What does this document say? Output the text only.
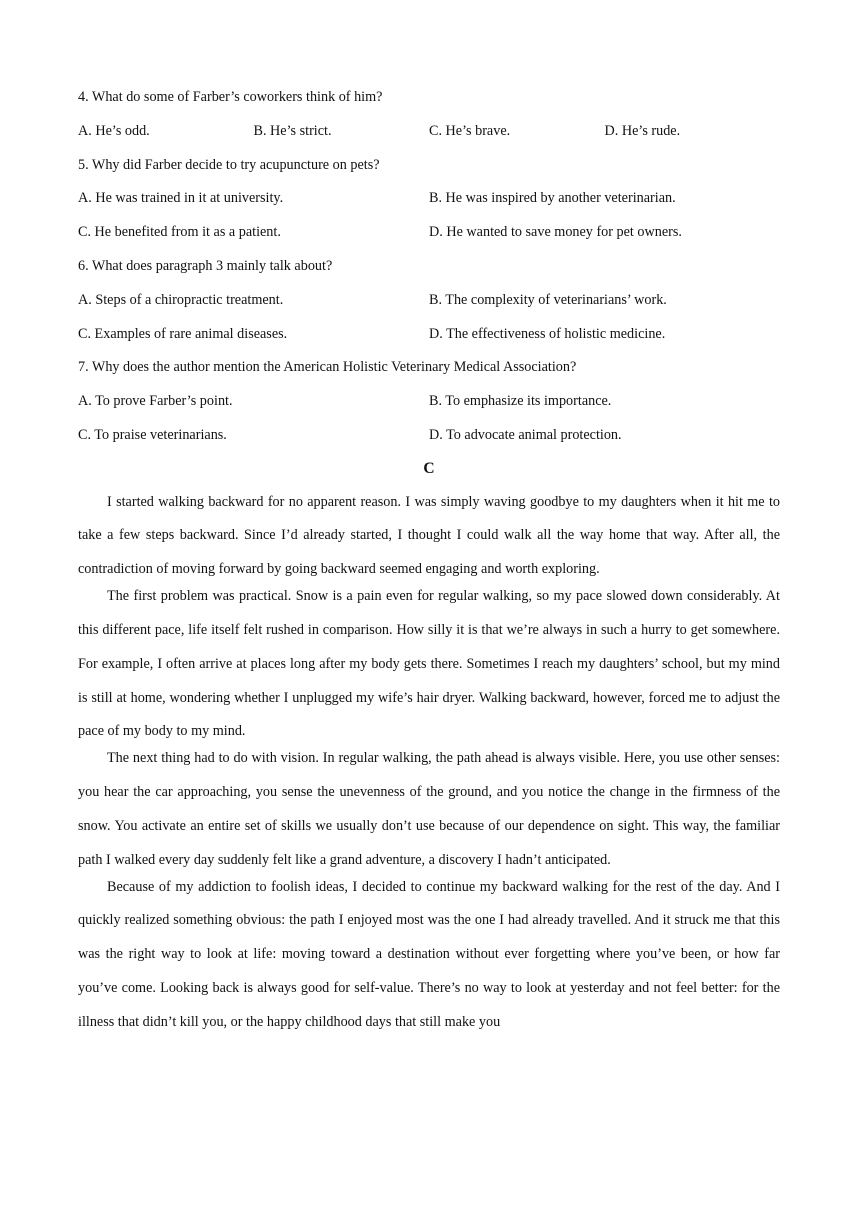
4. What do some of Farber’s coworkers think of him?
A. He’s odd.	B. He’s strict.	C. He’s brave.	D. He’s rude.
5. Why did Farber decide to try acupuncture on pets?
A. He was trained in it at university.	B. He was inspired by another veterinarian.
C. He benefited from it as a patient.	D. He wanted to save money for pet owners.
6. What does paragraph 3 mainly talk about?
A. Steps of a chiropractic treatment.	B. The complexity of veterinarians’ work.
C. Examples of rare animal diseases.	D. The effectiveness of holistic medicine.
7. Why does the author mention the American Holistic Veterinary Medical Association?
A. To prove Farber’s point.	B. To emphasize its importance.
C. To praise veterinarians.	D. To advocate animal protection.
C

I started walking backward for no apparent reason. I was simply waving goodbye to my daughters when it hit me to take a few steps backward. Since I’d already started, I thought I could walk all the way home that way. After all, the contradiction of moving forward by going backward seemed engaging and worth exploring.

The first problem was practical. Snow is a pain even for regular walking, so my pace slowed down considerably. At this different pace, life itself felt rushed in comparison. How silly it is that we’re always in such a hurry to get somewhere. For example, I often arrive at places long after my body gets there. Sometimes I reach my daughters’ school, but my mind is still at home, wondering whether I unplugged my wife’s hair dryer. Walking backward, however, forced me to adjust the pace of my body to my mind.

The next thing had to do with vision. In regular walking, the path ahead is always visible. Here, you use other senses: you hear the car approaching, you sense the unevenness of the ground, and you notice the change in the firmness of the snow. You activate an entire set of skills we usually don’t use because of our dependence on sight. This way, the familiar path I walked every day suddenly felt like a grand adventure, a discovery I hadn’t anticipated.

Because of my addiction to foolish ideas, I decided to continue my backward walking for the rest of the day. And I quickly realized something obvious: the path I enjoyed most was the one I had already travelled. And it struck me that this was the right way to look at life: moving toward a destination without ever forgetting where you’ve been, or how far you’ve come. Looking back is always good for self-value. There’s no way to look at yesterday and not feel better: for the illness that didn’t kill you, or the happy childhood days that still make you
